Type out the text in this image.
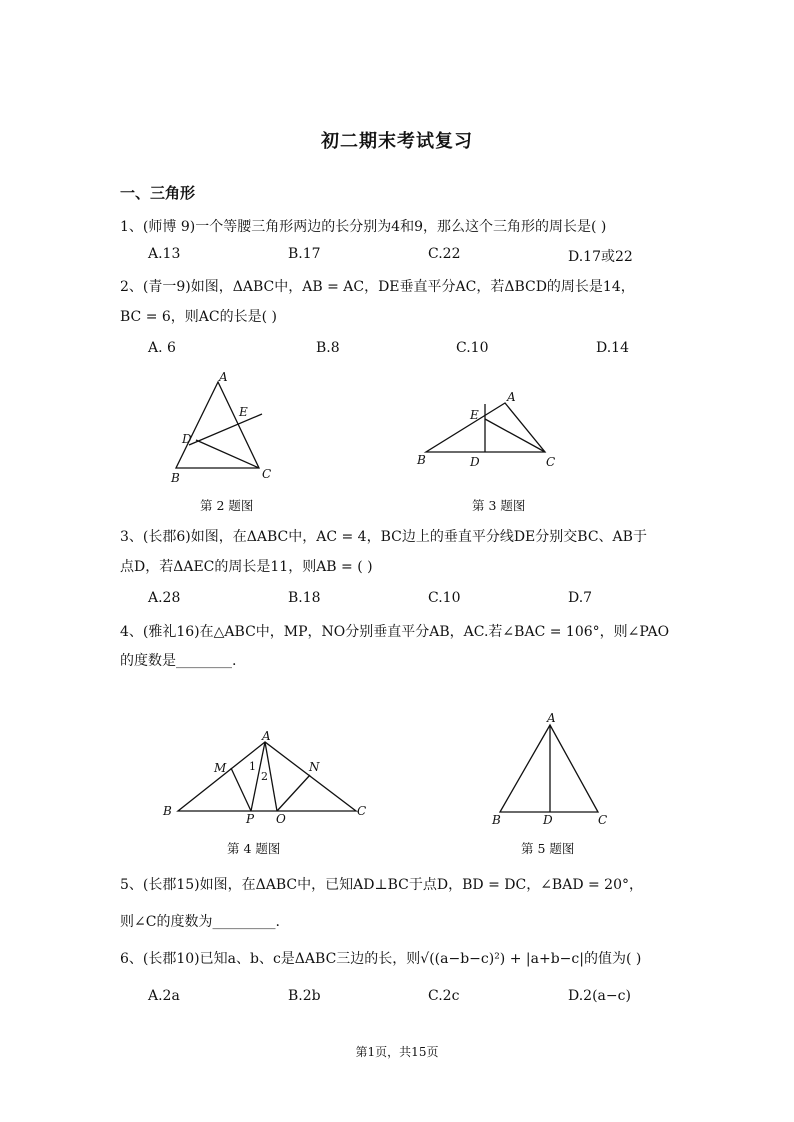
初二期末考试复习
一、三角形
1、(师博 9)一个等腰三角形两边的长分别为4和9，那么这个三角形的周长是( )
A.13	B.17	C.22	D.17或22
2、(青一9)如图，ΔABC中，AB = AC，DE垂直平分AC，若ΔBCD的周长是14，
BC = 6，则AC的长是( )
A. 6	B.8	C.10	D.14
A
E
D
B	C
第 2 题图
A
E
B	D	C
第 3 题图
3、(长郡6)如图，在ΔABC中，AC = 4，BC边上的垂直平分线DE分别交BC、AB于
点D，若ΔAEC的周长是11，则AB = ( )
A.28	B.18	C.10	D.7
4、(雅礼16)在△ABC中，MP，NO分别垂直平分AB，AC.若∠BAC = 106°，则∠PAO
的度数是________.
A
M	N
1
2
B
P O
C
第 4 题图
A
B	D	C
第 5 题图
5、(长郡15)如图，在ΔABC中，已知AD⊥BC于点D，BD = DC，∠BAD = 20°，
则∠C的度数为_________.
6、(长郡10)已知a、b、c是ΔABC三边的长，则√((a−b−c)²) + |a+b−c|的值为( )
A.2a	B.2b	C.2c	D.2(a−c)
第1页，共15页
